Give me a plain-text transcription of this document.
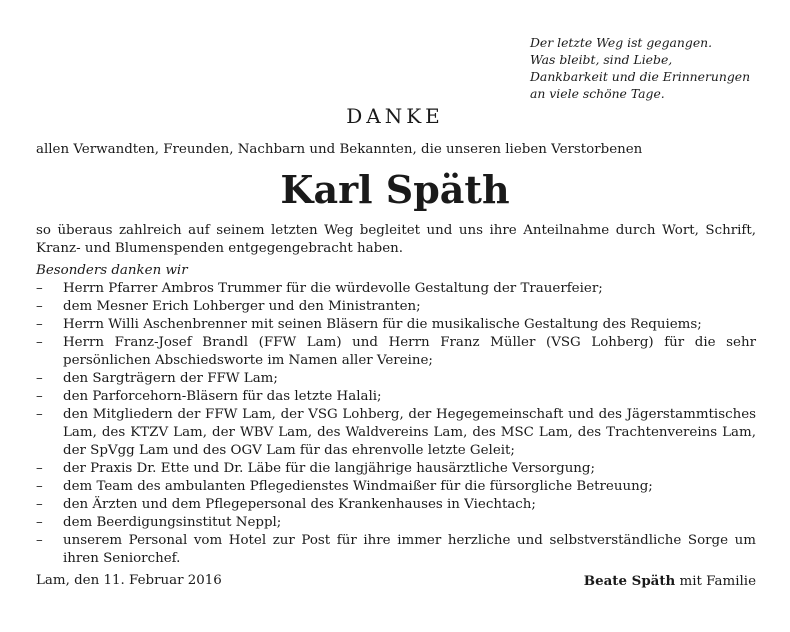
Der letzte Weg ist gegangen.
Was bleibt, sind Liebe,
Dankbarkeit und die Erinnerungen
an viele schöne Tage.
DANKE
allen Verwandten, Freunden, Nachbarn und Bekannten, die unseren lieben Verstorbenen
Karl Späth
so überaus zahlreich auf seinem letzten Weg begleitet und uns ihre Anteilnahme durch Wort, Schrift, Kranz- und Blumenspenden entgegengebracht haben.
Besonders danken wir
– Herrn Pfarrer Ambros Trummer für die würdevolle Gestaltung der Trauerfeier;
– dem Mesner Erich Lohberger und den Ministranten;
– Herrn Willi Aschenbrenner mit seinen Bläsern für die musikalische Gestaltung des Requiems;
– Herrn Franz-Josef Brandl (FFW Lam) und Herrn Franz Müller (VSG Lohberg) für die sehr persönlichen Abschiedsworte im Namen aller Vereine;
– den Sargträgern der FFW Lam;
– den Parforcehorn-Bläsern für das letzte Halali;
– den Mitgliedern der FFW Lam, der VSG Lohberg, der Hegegemeinschaft und des Jägerstammtisches Lam, des KTZV Lam, der WBV Lam, des Waldvereins Lam, des MSC Lam, des Trachtenvereins Lam, der SpVgg Lam und des OGV Lam für das ehrenvolle letzte Geleit;
– der Praxis Dr. Ette und Dr. Läbe für die langjährige hausärztliche Versorgung;
– dem Team des ambulanten Pflegedienstes Windmaißer für die fürsorgliche Betreuung;
– den Ärzten und dem Pflegepersonal des Krankenhauses in Viechtach;
– dem Beerdigungsinstitut Neppl;
– unserem Personal vom Hotel zur Post für ihre immer herzliche und selbstverständliche Sorge um ihren Seniorchef.
Lam, den 11. Februar 2016	Beate Späth mit Familie
